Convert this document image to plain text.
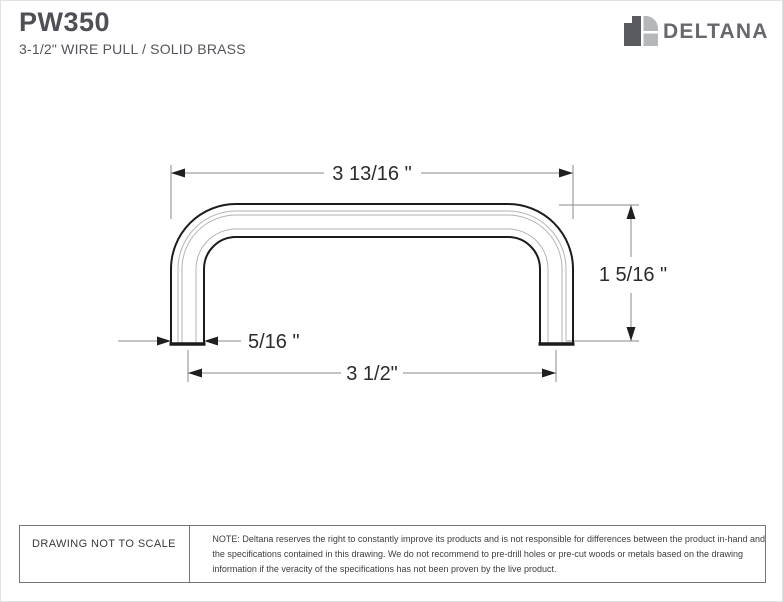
PW350
3-1/2" WIRE PULL / SOLID BRASS
DELTANA
3 13/16 "
1 5/16 "
5/16 "
3 1/2"
DRAWING NOT TO SCALE	NOTE: Deltana reserves the right to constantly improve its products and is not responsible for differences between the product in-hand and
the specifications contained in this drawing. We do not recommend to pre-drill holes or pre-cut woods or metals based on the drawing
information if the veracity of the specifications has not been proven by the live product.
